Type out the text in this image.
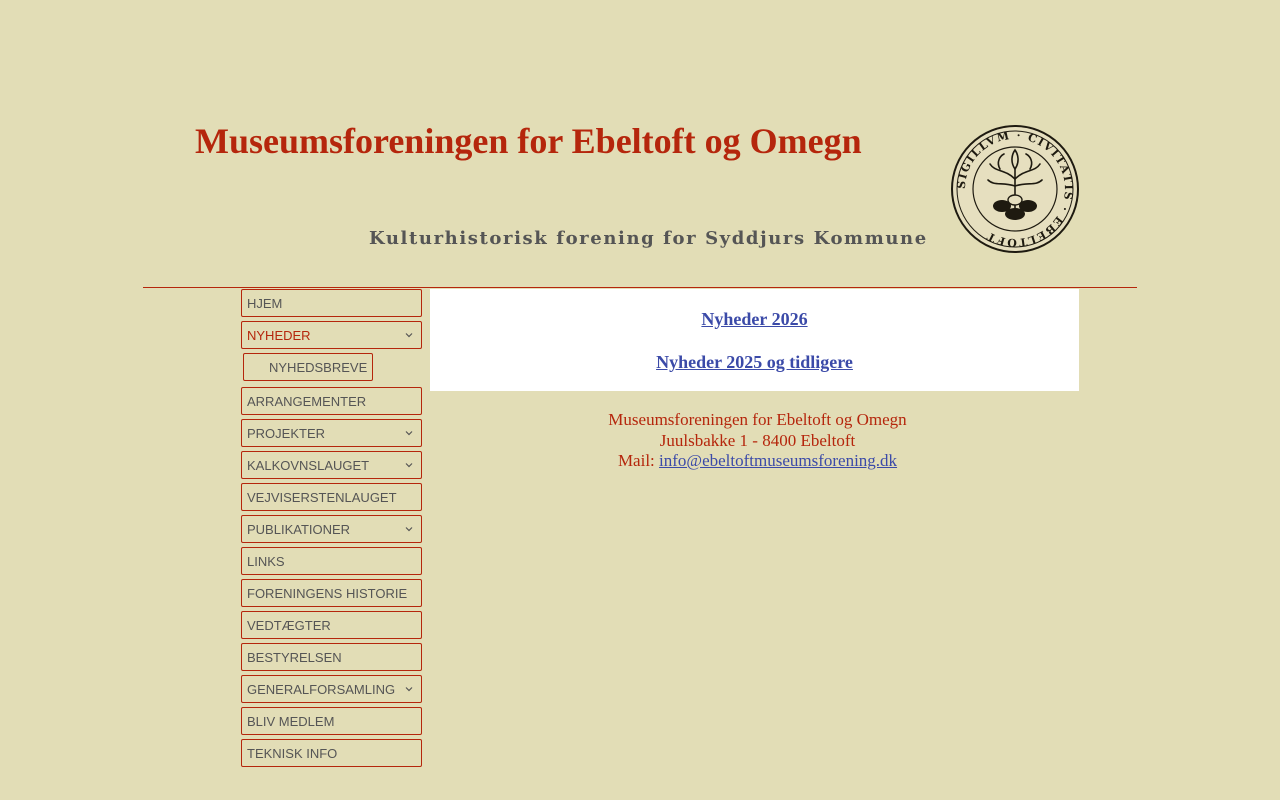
Museumsforeningen for Ebeltoft og Omegn
SIGILLVM · CIVITATIS · EBELTOFT
Kulturhistorisk forening for Syddjurs Kommune
HJEM
NYHEDER
NYHEDSBREVE
ARRANGEMENTER
PROJEKTER
KALKOVNSLAUGET
VEJVISERSTENLAUGET
PUBLIKATIONER
LINKS
FORENINGENS HISTORIE
VEDTÆGTER
BESTYRELSEN
GENERALFORSAMLING
BLIV MEDLEM
TEKNISK INFO
Nyheder 2026
Nyheder 2025 og tidligere
Museumsforeningen for Ebeltoft og Omegn
Juulsbakke 1 - 8400 Ebeltoft
Mail: info@ebeltoftmuseumsforening.dk
